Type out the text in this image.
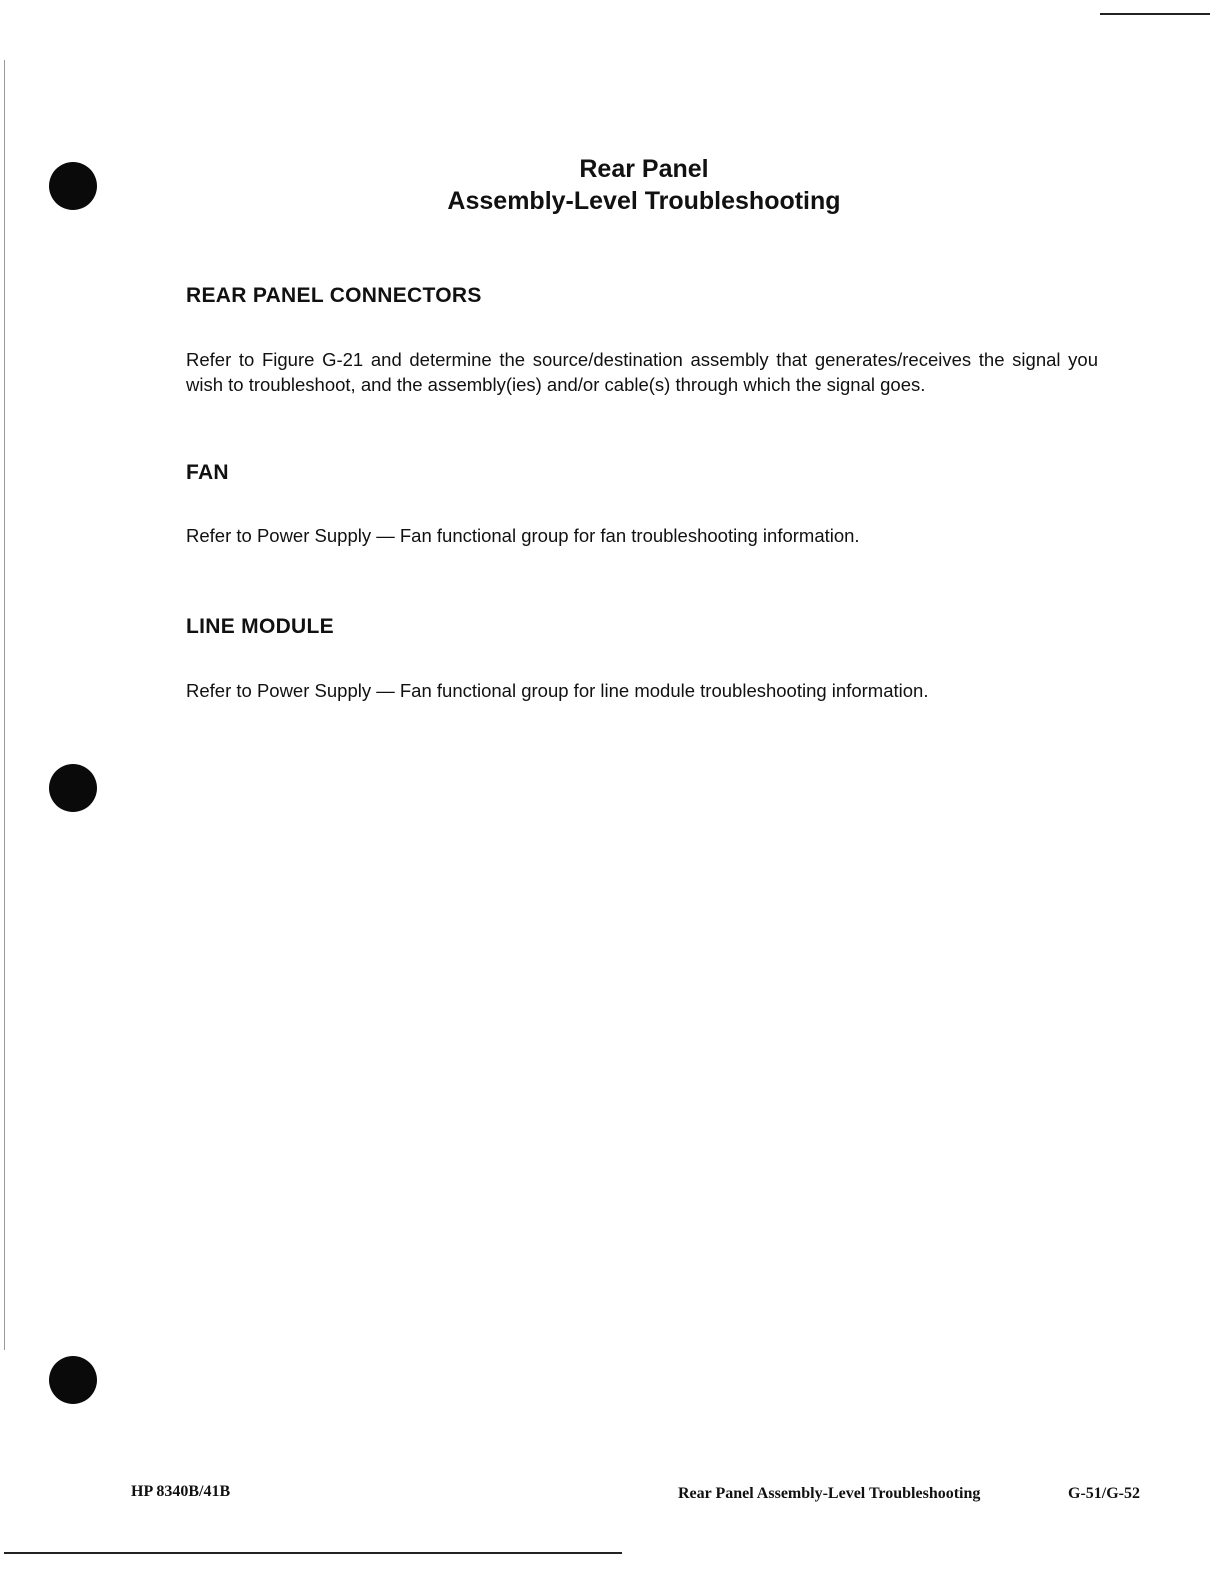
Rear Panel
Assembly-Level Troubleshooting
REAR PANEL CONNECTORS
Refer to Figure G-21 and determine the source/destination assembly that generates/receives the signal you wish to troubleshoot, and the assembly(ies) and/or cable(s) through which the signal goes.
FAN
Refer to Power Supply — Fan functional group for fan troubleshooting information.
LINE MODULE
Refer to Power Supply — Fan functional group for line module troubleshooting information.
HP 8340B/41B	Rear Panel Assembly-Level Troubleshooting	G-51/G-52
